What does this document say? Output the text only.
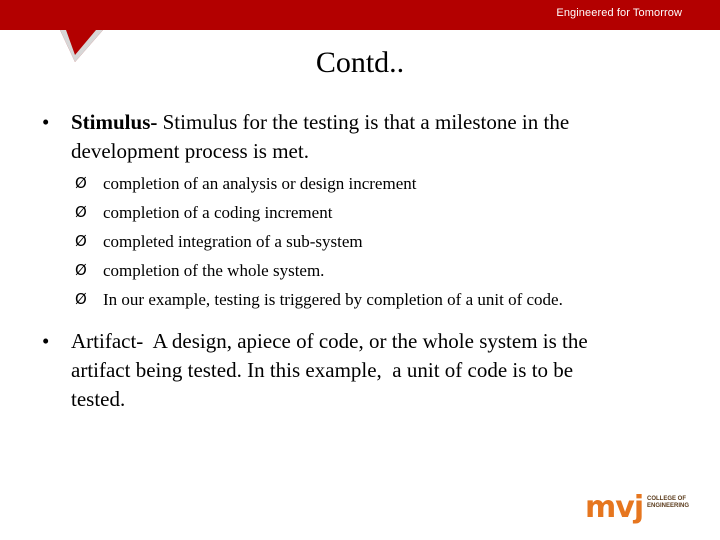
Engineered for Tomorrow
Contd..
•	Stimulus- Stimulus for the testing is that a milestone in the
development process is met.
Ø completion of an analysis or design increment
Ø completion of a coding increment
Ø completed integration of a sub-system
Ø completion of the whole system.
Ø In our example, testing is triggered by completion of a unit of code.
•	Artifact-  A design, apiece of code, or the whole system is the
artifact being tested. In this example,  a unit of code is to be
tested.
mvj COLLEGE OF
ENGINEERING
